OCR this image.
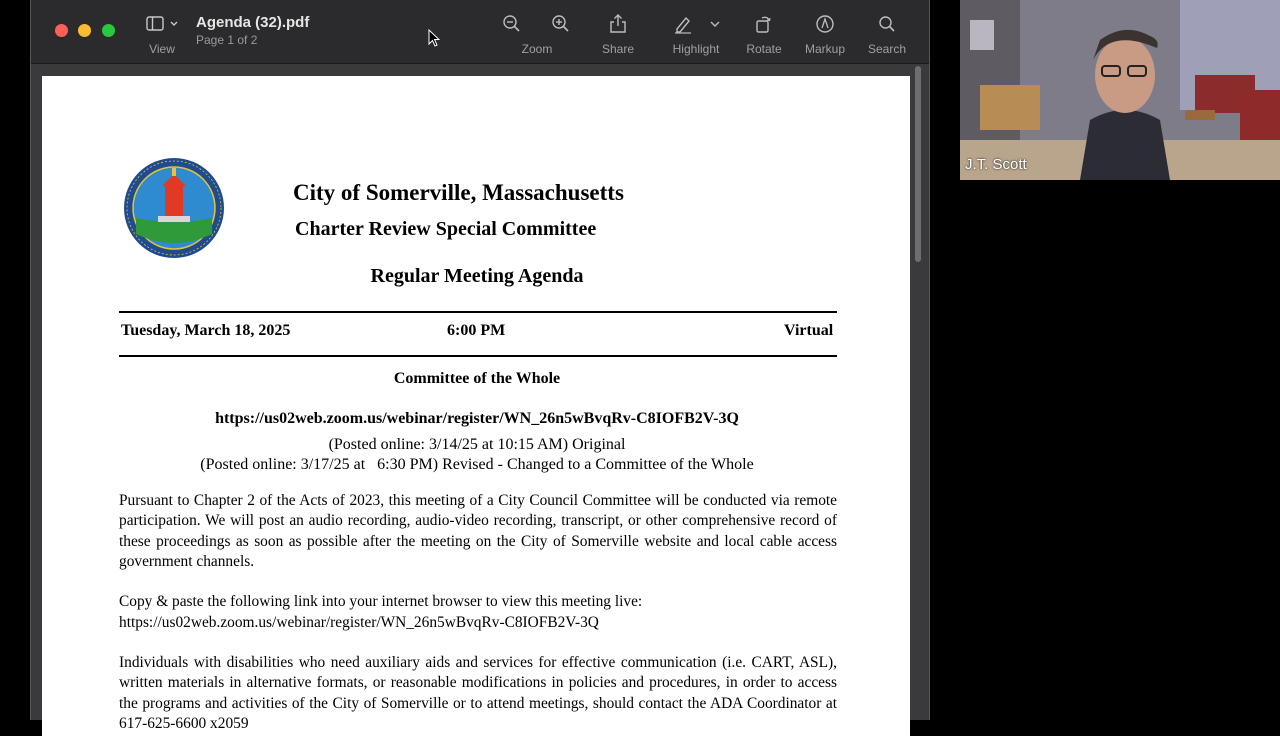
View
Agenda (32).pdf
Page 1 of 2
Zoom	Share	Highlight	Rotate	Markup	Search
City of Somerville, Massachusetts
Charter Review Special Committee
Regular Meeting Agenda
Tuesday, March 18, 2025	6:00 PM	Virtual
Committee of the Whole
https://us02web.zoom.us/webinar/register/WN_26n5wBvqRv-C8IOFB2V-3Q
(Posted online: 3/14/25 at 10:15 AM) Original
(Posted online: 3/17/25 at   6:30 PM) Revised - Changed to a Committee of the Whole
Pursuant to Chapter 2 of the Acts of 2023, this meeting of a City Council Committee will be conducted via remote participation. We will post an audio recording, audio-video recording, transcript, or other comprehensive record of these proceedings as soon as possible after the meeting on the City of Somerville website and local cable access government channels.
Copy & paste the following link into your internet browser to view this meeting live:
https://us02web.zoom.us/webinar/register/WN_26n5wBvqRv-C8IOFB2V-3Q
Individuals with disabilities who need auxiliary aids and services for effective communication (i.e. CART, ASL), written materials in alternative formats, or reasonable modifications in policies and procedures, in order to access the programs and activities of the City of Somerville or to attend meetings, should contact the ADA Coordinator at 617-625-6600 x2059
J.T. Scott
